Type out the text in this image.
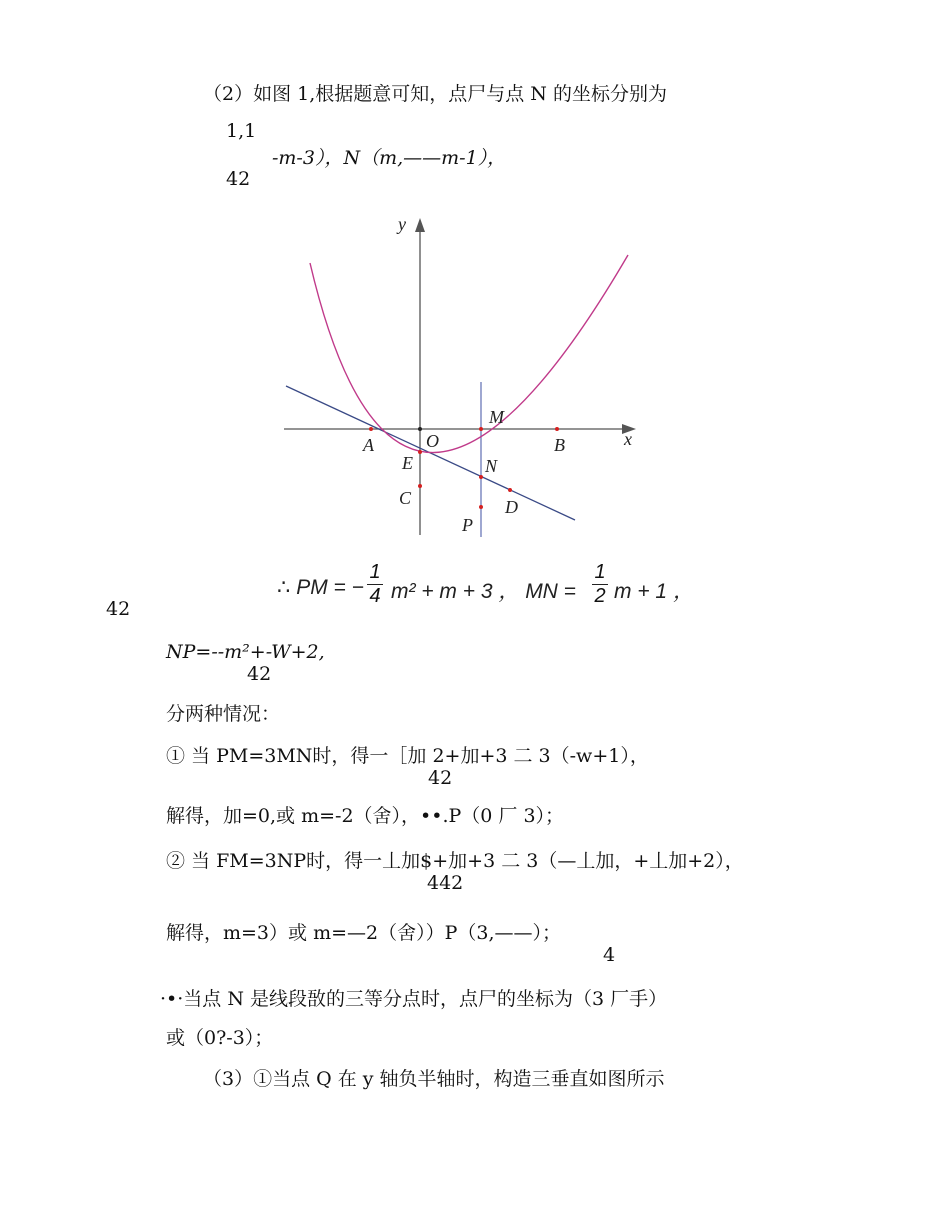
（2）如图 1,根据题意可知，点尸与点 N 的坐标分别为
1,1
-m-3），N（m,——m-1），
42
y
x
O
A	B
M
N
E
C	D
P
∴ PM = −
1
4 m² + m + 3 ， MN =
1
2 m + 1 ，
42
NP=--m²+-W+2,
42
分两种情况：
① 当 PM=3MN时，得一［加 2+加+3 二 3（-w+1），
42
解得，加=0,或 m=-2（舍），••.P（0 厂 3）；
② 当 FM=3NP时，得一丄加$+加+3 二 3（—丄加，+丄加+2），
442
解得，m=3）或 m=—2（舍））P（3,——）；
4
·•·当点 N 是线段敔的三等分点时，点尸的坐标为（3 厂手）
或（0?-3）；
（3）①当点 Q 在 y 轴负半轴时，构造三垂直如图所示
